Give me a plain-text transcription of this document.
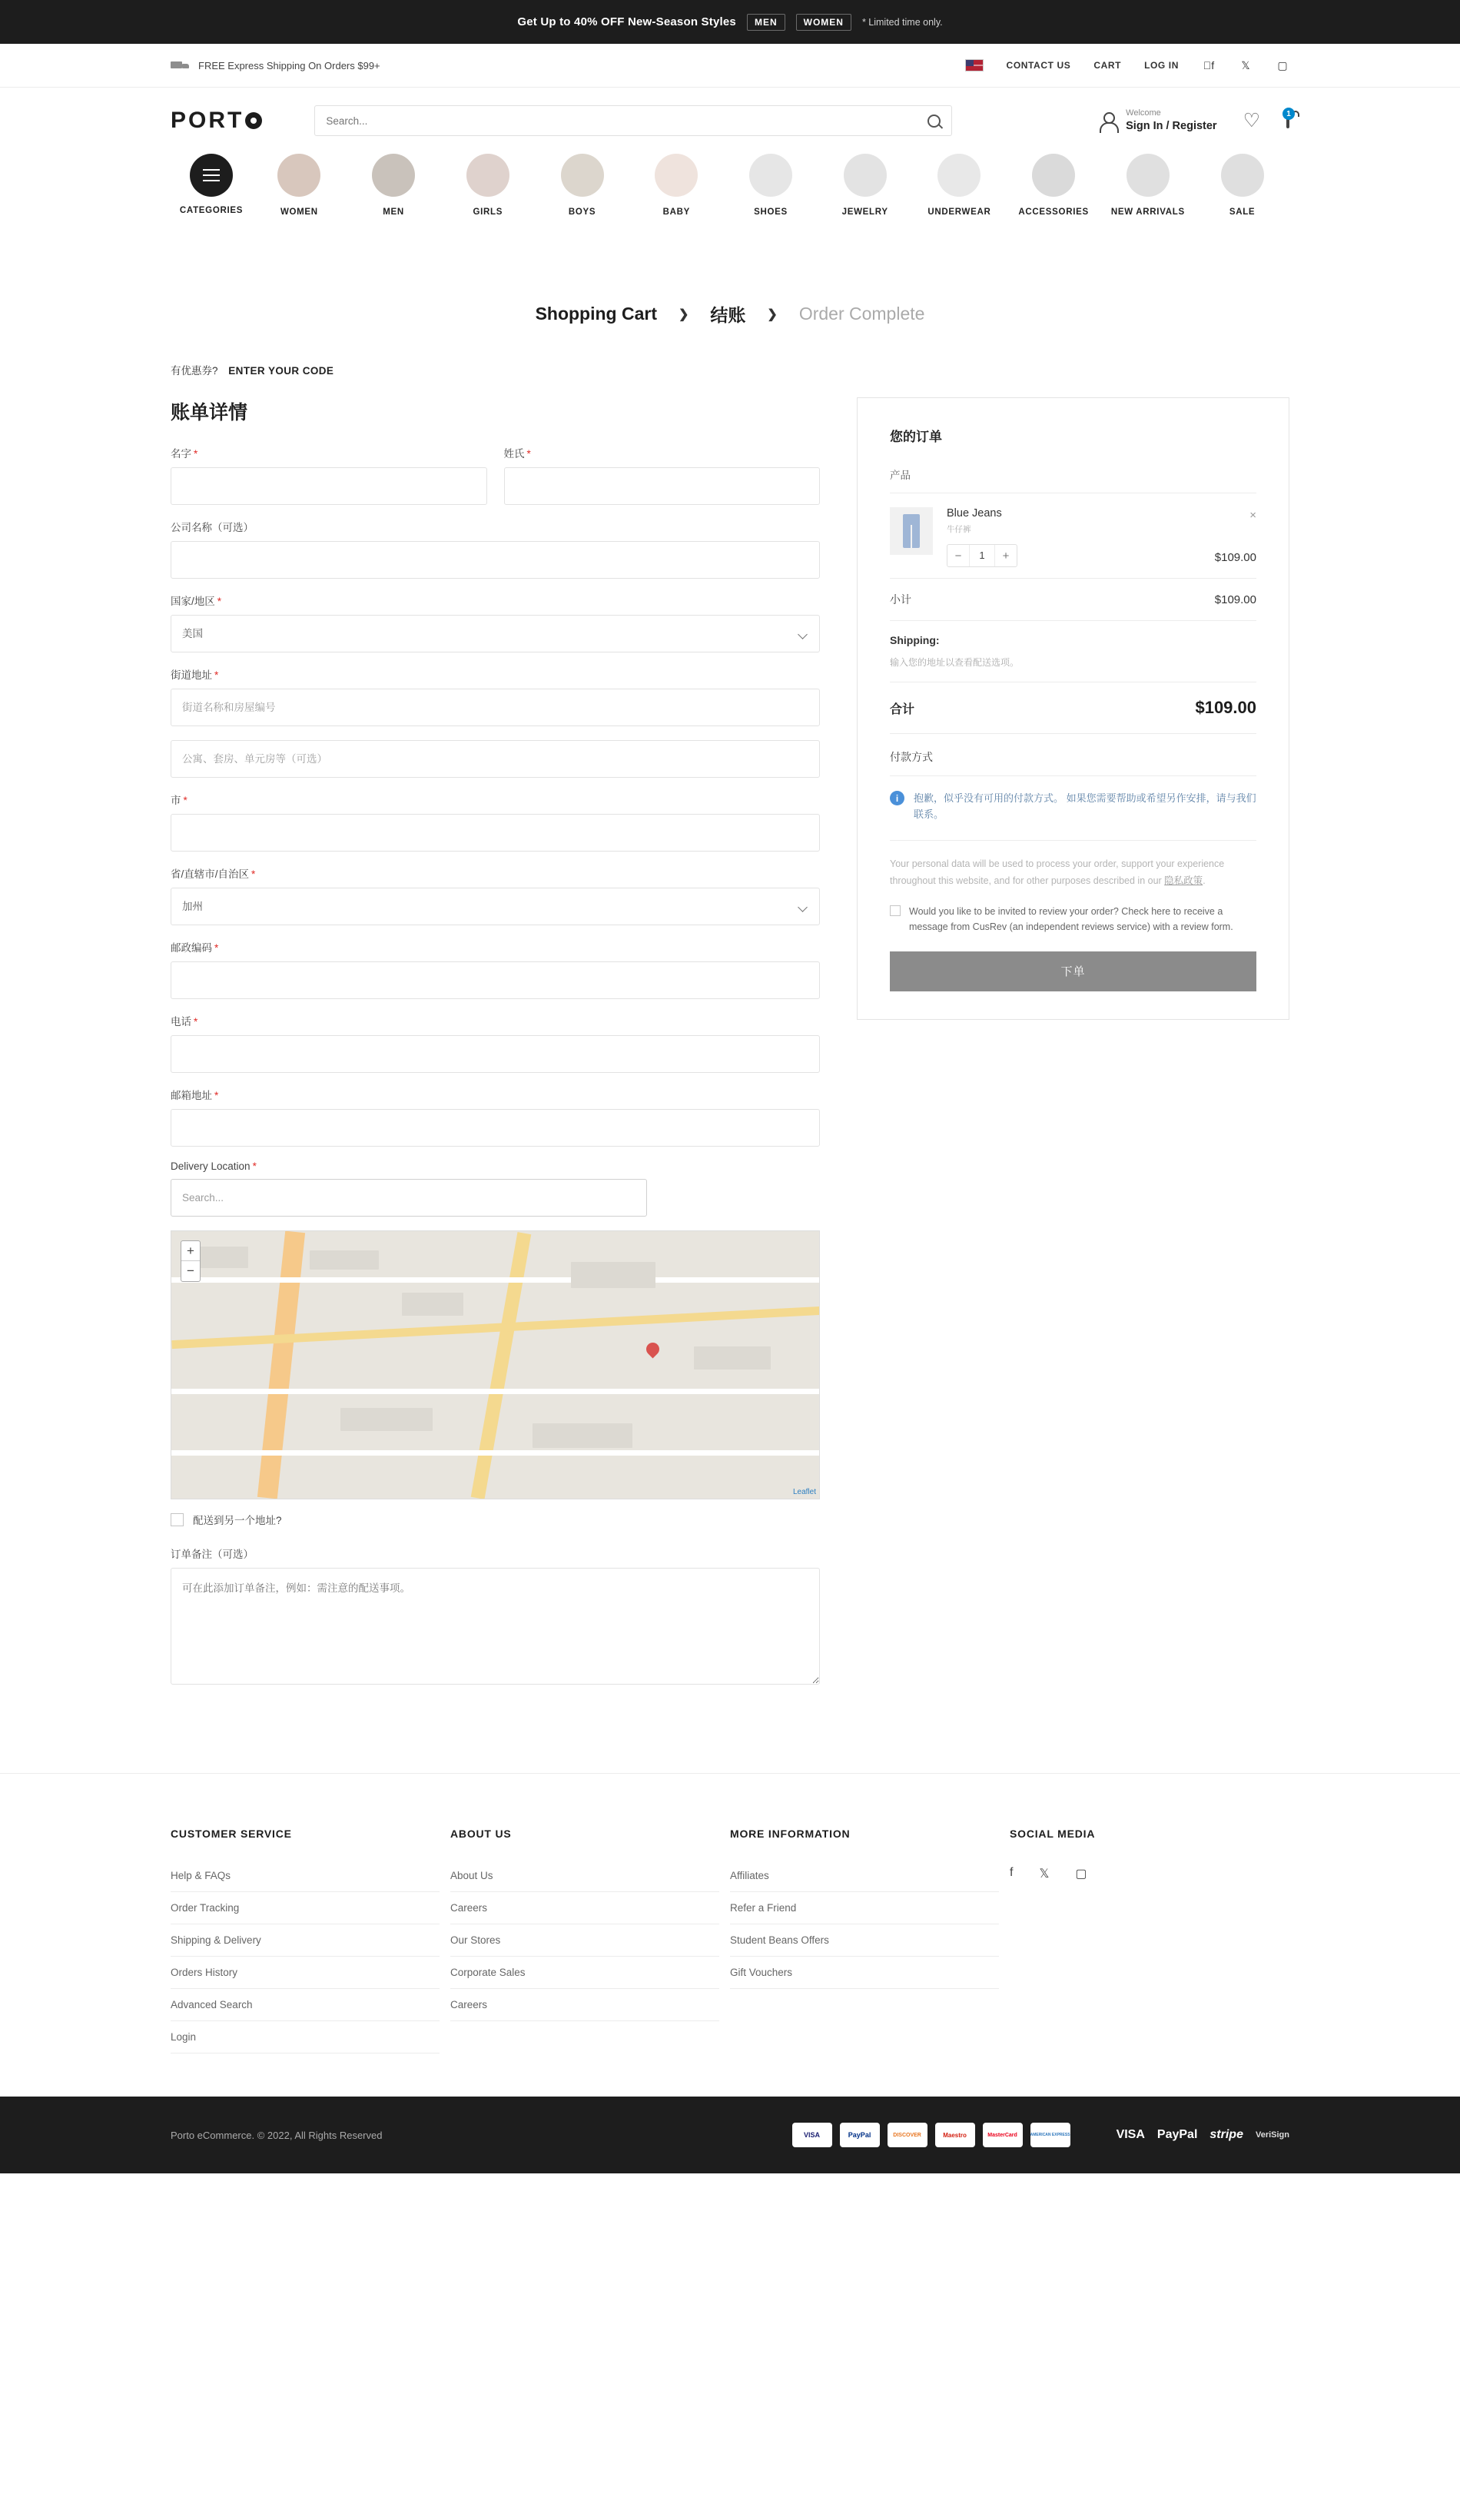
Get Up to 40% OFF New-Season Styles	MEN	WOMEN	* Limited time only.
FREE Express Shipping On Orders $99+	CONTACT US	CART	LOG IN	f	𝕏	▢
PORT
Search...	Welcome
Sign In / Register ♡	1
CATEGORIES	WOMEN	MEN	GIRLS	BOYS	BABY	SHOES	JEWELRY	UNDERWEAR	ACCESSORIES	NEW ARRIVALS	SALE
Shopping Cart ❯ 结账 ❯ Order Complete
有优惠券? ENTER YOUR CODE
账单详情
名字 *	姓氏 *
公司名称（可选）
国家/地区 *
美国
街道地址 *
街道名称和房屋编号
公寓、套房、单元房等（可选）
市 *
省/直辖市/自治区 *
加州
邮政编码 *
电话 *
邮箱地址 *
Delivery Location *
Search...
+
−
Leaflet
配送到另一个地址?
订单备注（可选）
可在此添加订单备注，例如：需注意的配送事项。
您的订单
产品
Blue Jeans
牛仔裤
−	1	+
×
$109.00
小计	$109.00
Shipping:
输入您的地址以查看配送选项。
合计	$109.00
付款方式
i	抱歉，似乎没有可用的付款方式。 如果您需要帮助或希望另作安排，请与我们联系。
Your personal data will be used to process your order, support your experience throughout this website, and for other purposes described in our 隐私政策.
Would you like to be invited to review your order? Check here to receive a message from CusRev (an independent reviews service) with a review form.
下单
CUSTOMER SERVICE
Help & FAQs
Order Tracking
Shipping & Delivery
Orders History
Advanced Search
Login
ABOUT US
About Us
Careers
Our Stores
Corporate Sales
Careers
MORE INFORMATION
Affiliates
Refer a Friend
Student Beans Offers
Gift Vouchers
SOCIAL MEDIA
f 𝕏 ▢
Porto eCommerce. © 2022, All Rights Reserved	VISA	PayPal	DISCOVER	Maestro	MasterCard	AMERICAN EXPRESS	VISA PayPal stripe VeriSign
